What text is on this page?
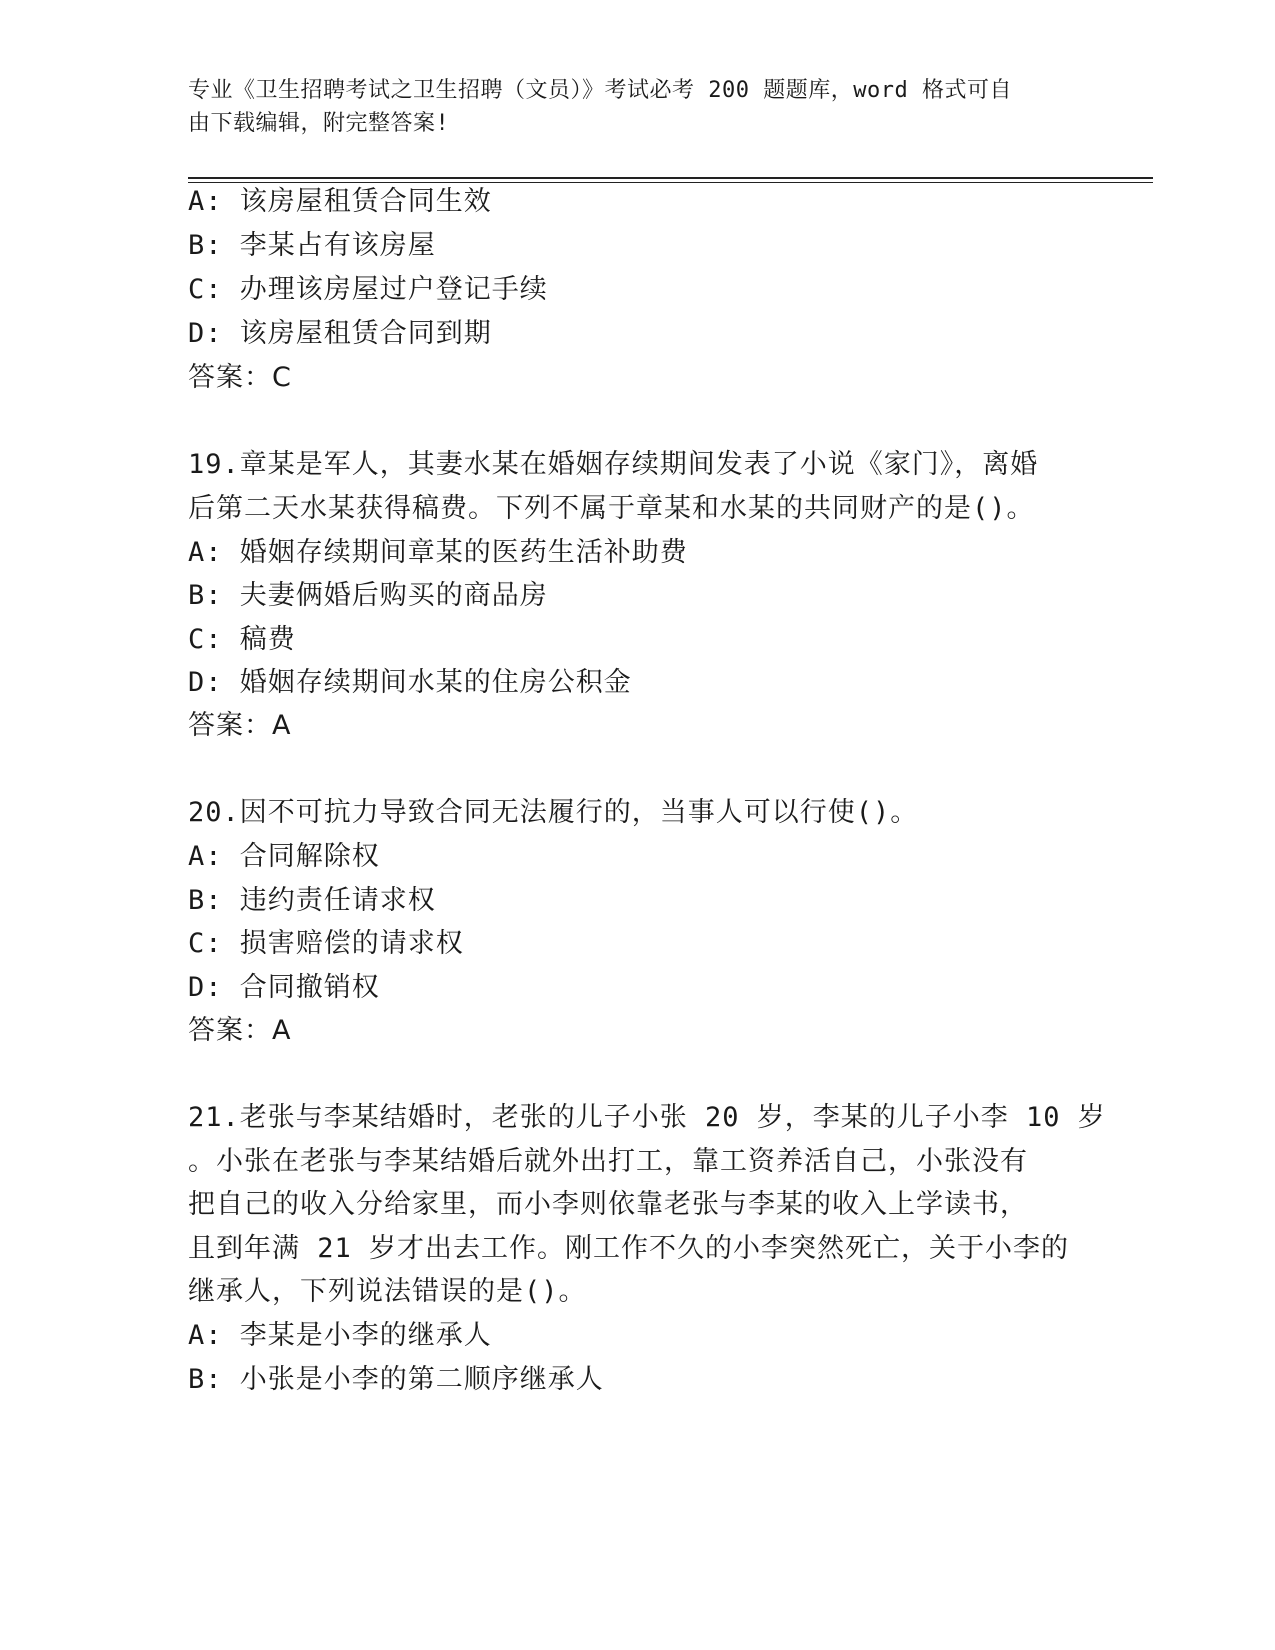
专业《卫生招聘考试之卫生招聘（文员）》考试必考 200 题题库，word 格式可自
由下载编辑，附完整答案!
A: 该房屋租赁合同生效
B: 李某占有该房屋
C: 办理该房屋过户登记手续
D: 该房屋租赁合同到期
答案：C
19.章某是军人，其妻水某在婚姻存续期间发表了小说《家门》，离婚
后第二天水某获得稿费。下列不属于章某和水某的共同财产的是()。
A: 婚姻存续期间章某的医药生活补助费
B: 夫妻俩婚后购买的商品房
C: 稿费
D: 婚姻存续期间水某的住房公积金
答案：A
20.因不可抗力导致合同无法履行的，当事人可以行使()。
A: 合同解除权
B: 违约责任请求权
C: 损害赔偿的请求权
D: 合同撤销权
答案：A
21.老张与李某结婚时，老张的儿子小张 20 岁，李某的儿子小李 10 岁
。小张在老张与李某结婚后就外出打工，靠工资养活自己，小张没有
把自己的收入分给家里，而小李则依靠老张与李某的收入上学读书，
且到年满 21 岁才出去工作。刚工作不久的小李突然死亡，关于小李的
继承人，下列说法错误的是()。
A: 李某是小李的继承人
B: 小张是小李的第二顺序继承人
